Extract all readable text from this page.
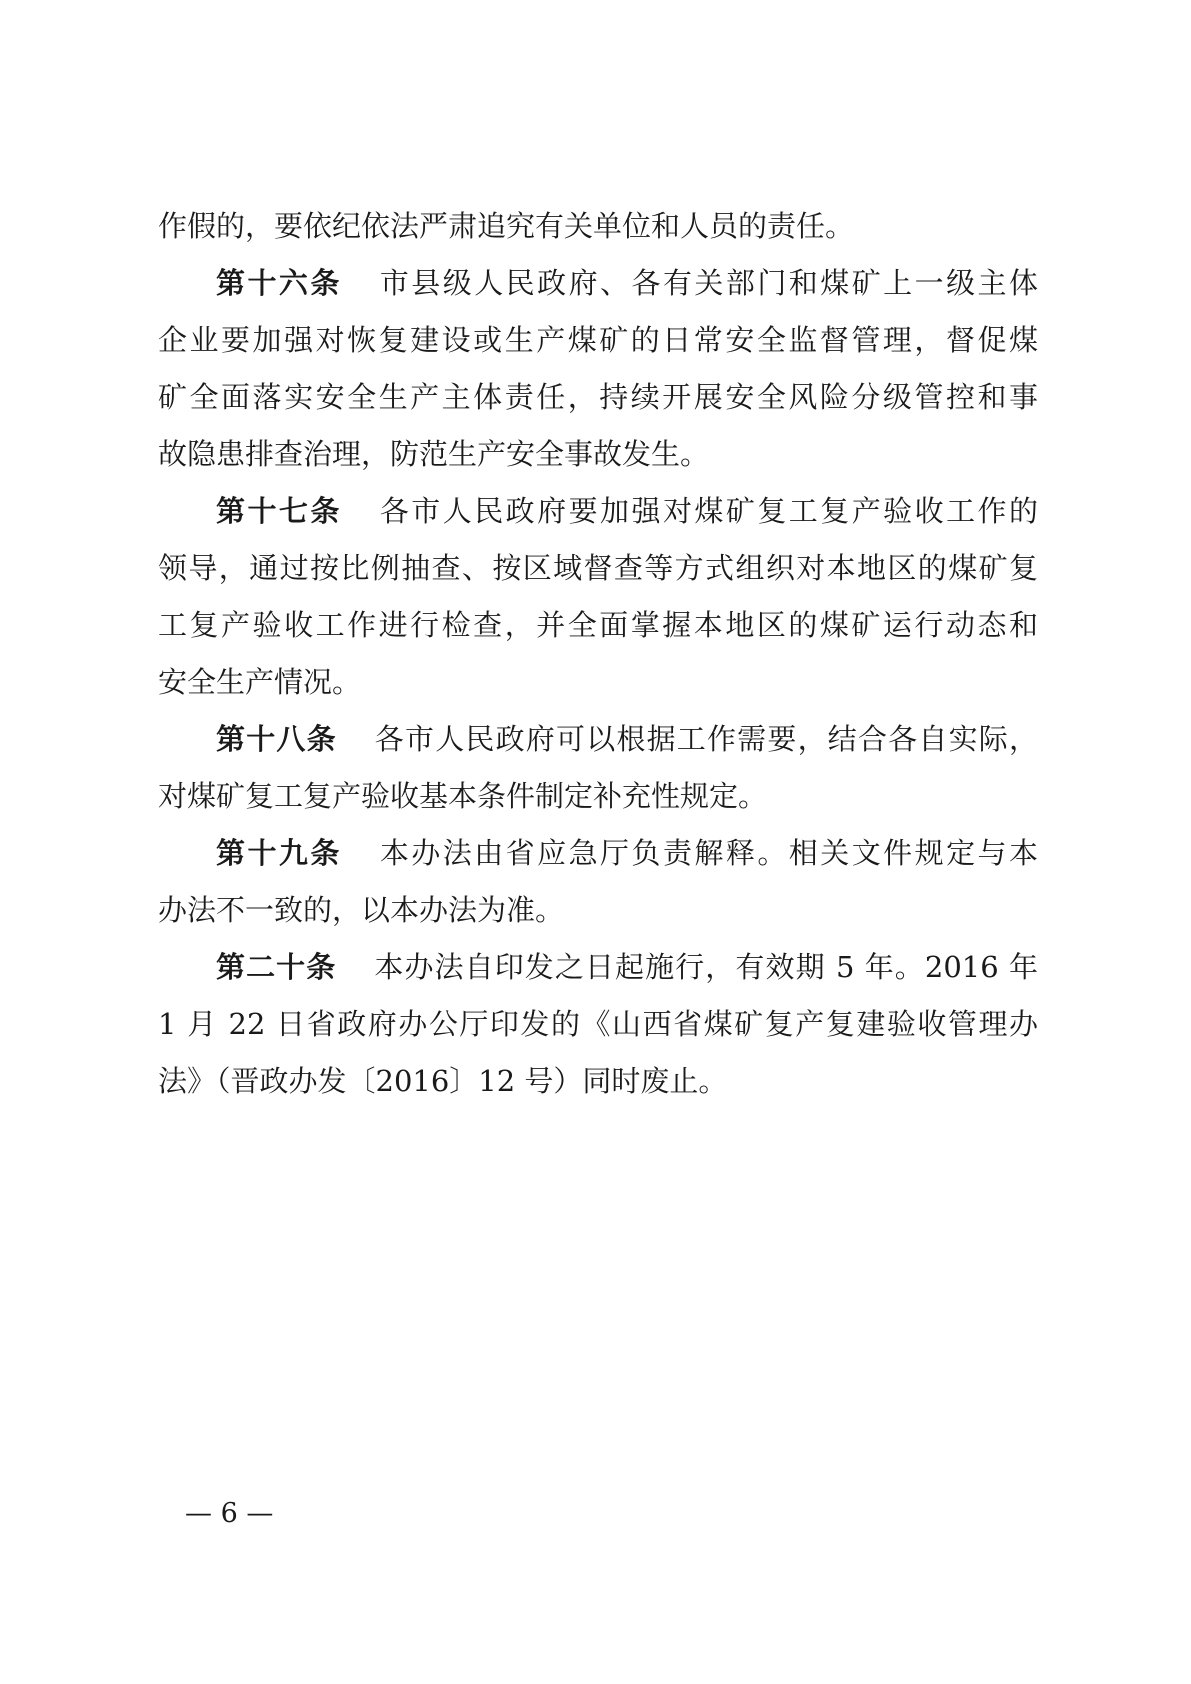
作假的，要依纪依法严肃追究有关单位和人员的责任。
第十六条 市县级人民政府、各有关部门和煤矿上一级主体
企业要加强对恢复建设或生产煤矿的日常安全监督管理，督促煤
矿全面落实安全生产主体责任，持续开展安全风险分级管控和事
故隐患排查治理，防范生产安全事故发生。
第十七条 各市人民政府要加强对煤矿复工复产验收工作的
领导，通过按比例抽查、按区域督查等方式组织对本地区的煤矿复
工复产验收工作进行检查，并全面掌握本地区的煤矿运行动态和
安全生产情况。
第十八条 各市人民政府可以根据工作需要，结合各自实际，
对煤矿复工复产验收基本条件制定补充性规定。
第十九条 本办法由省应急厅负责解释。相关文件规定与本
办法不一致的，以本办法为准。
第二十条 本办法自印发之日起施行，有效期 5 年。2016 年
1 月 22 日省政府办公厅印发的《山西省煤矿复产复建验收管理办
法》（晋政办发〔2016〕12 号）同时废止。
— 6 —
